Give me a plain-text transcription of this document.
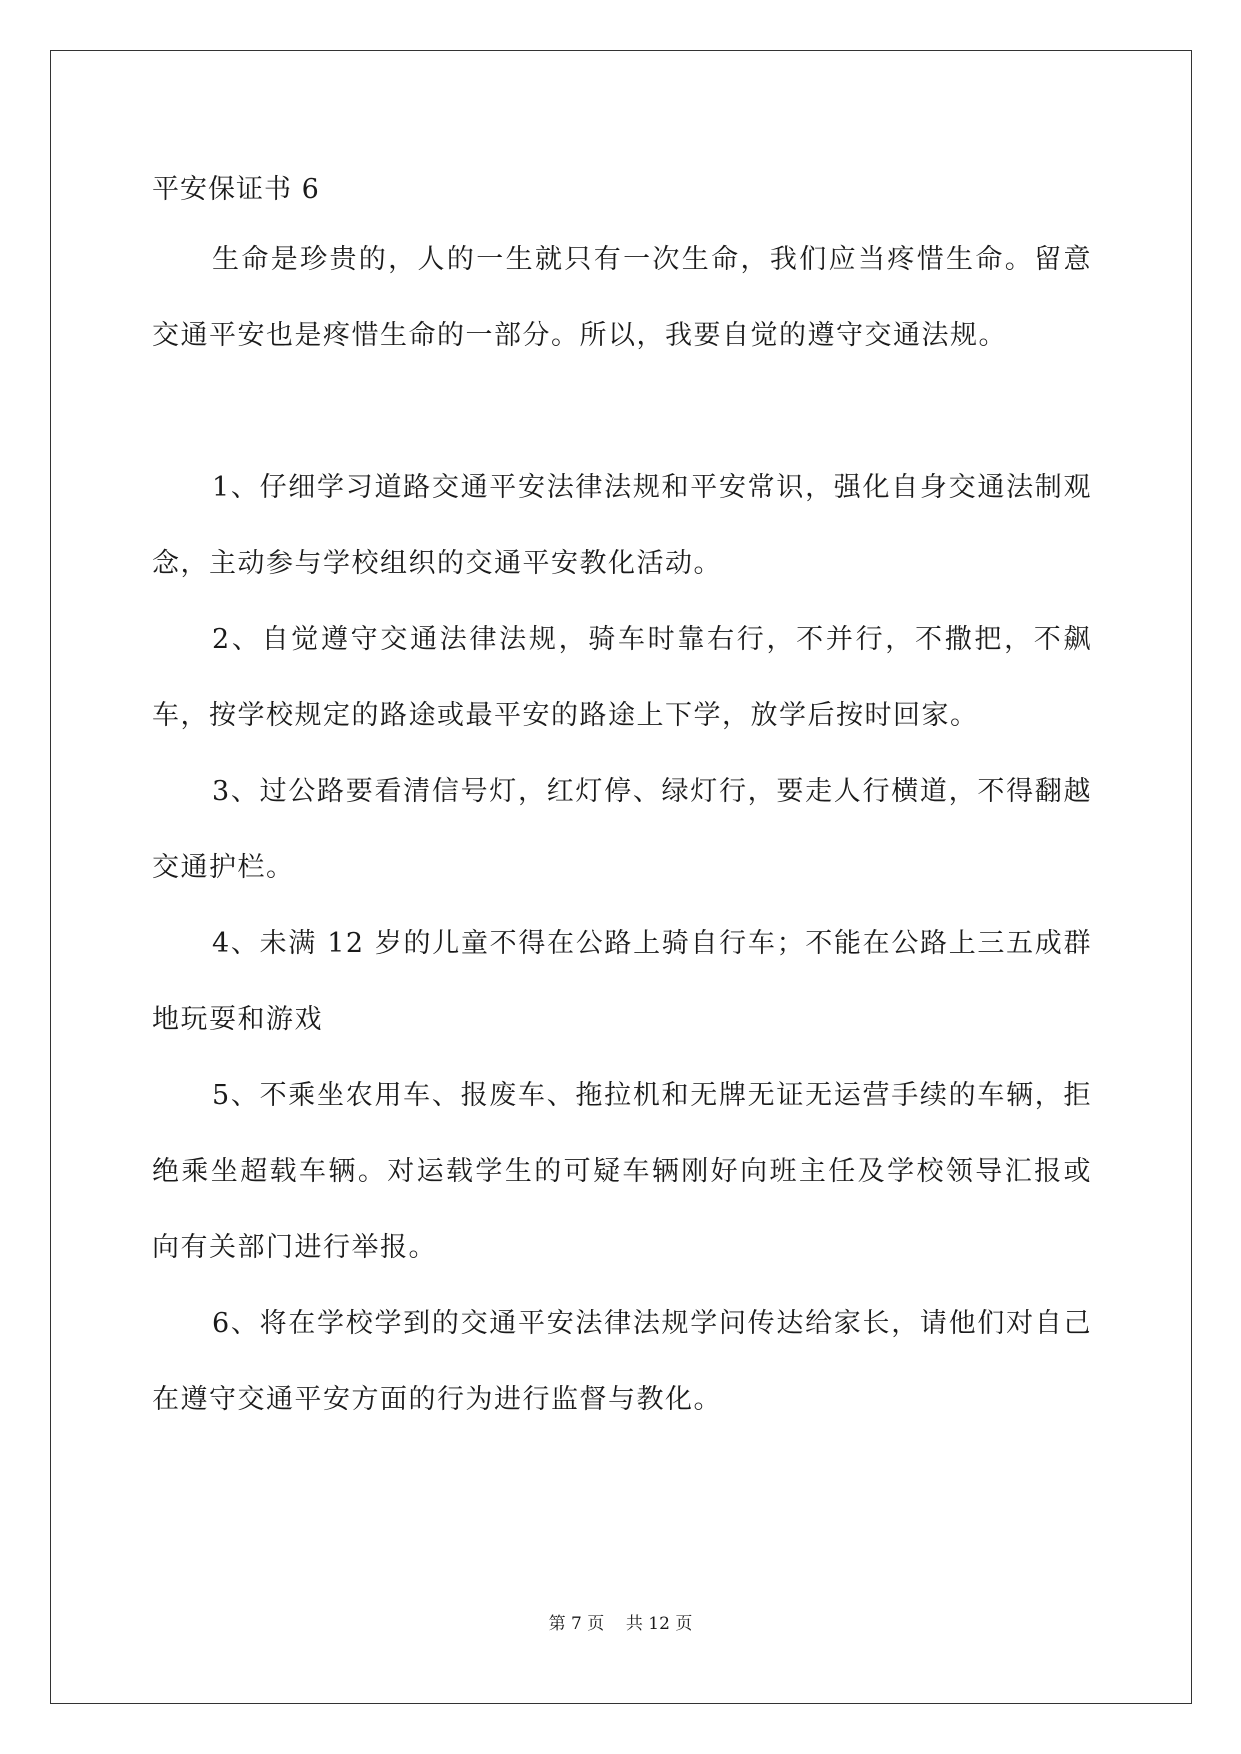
平安保证书 6

生命是珍贵的，人的一生就只有一次生命，我们应当疼惜生命。留意交通平安也是疼惜生命的一部分。所以，我要自觉的遵守交通法规。

1、仔细学习道路交通平安法律法规和平安常识，强化自身交通法制观念，主动参与学校组织的交通平安教化活动。

2、自觉遵守交通法律法规，骑车时靠右行，不并行，不撒把，不飙车，按学校规定的路途或最平安的路途上下学，放学后按时回家。

3、过公路要看清信号灯，红灯停、绿灯行，要走人行横道，不得翻越交通护栏。

4、未满 12 岁的儿童不得在公路上骑自行车；不能在公路上三五成群地玩耍和游戏

5、不乘坐农用车、报废车、拖拉机和无牌无证无运营手续的车辆，拒绝乘坐超载车辆。对运载学生的可疑车辆刚好向班主任及学校领导汇报或向有关部门进行举报。

6、将在学校学到的交通平安法律法规学问传达给家长，请他们对自己在遵守交通平安方面的行为进行监督与教化。

第 7 页    共 12 页
